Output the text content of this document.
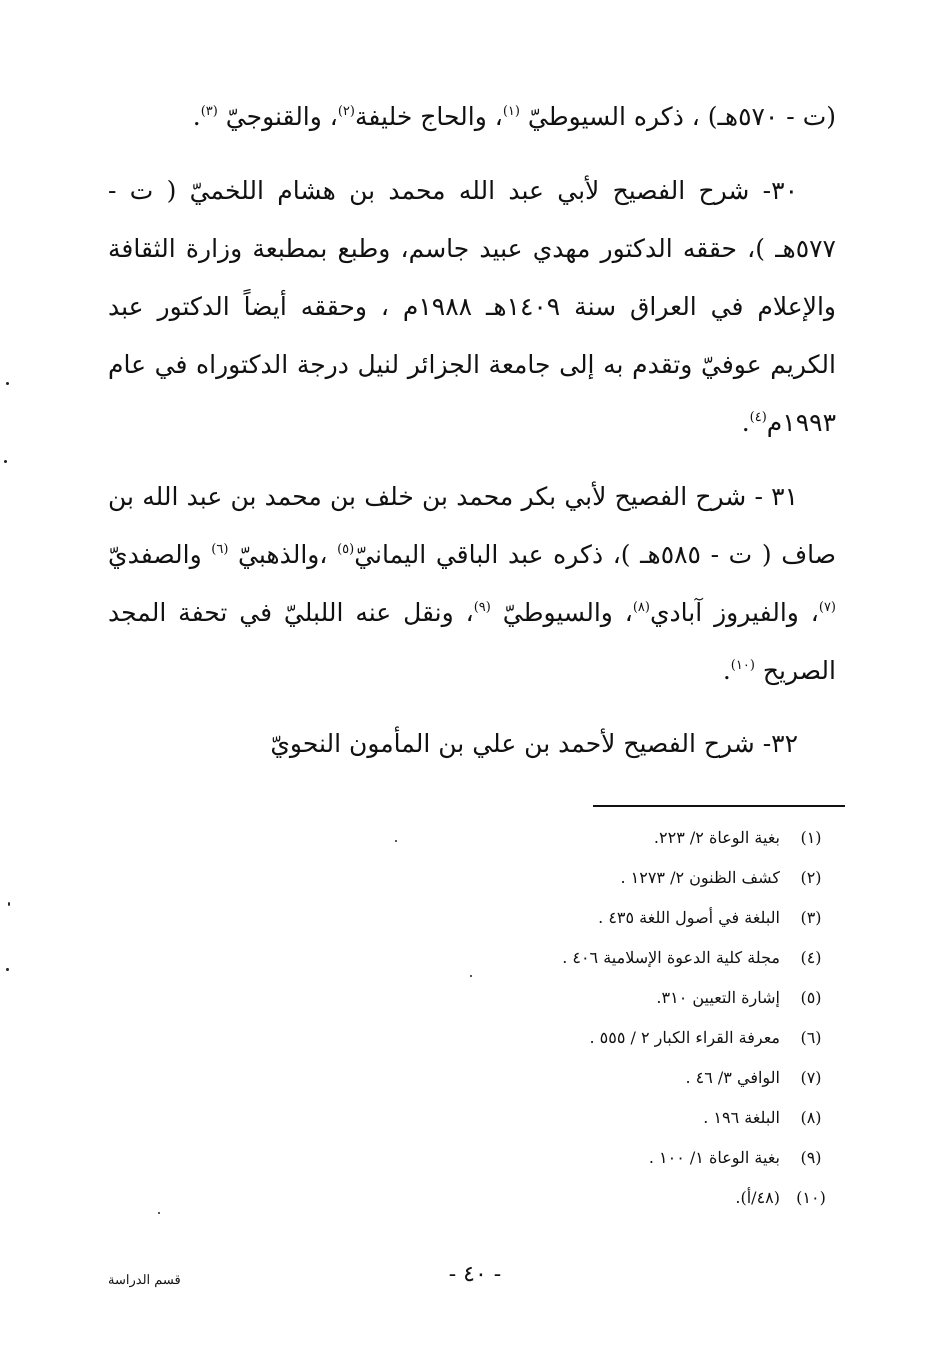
(ت - ٥٧٠هـ) ، ذكره السيوطيّ $^{(١)}$، والحاج خليفة$^{(٢)}$، والقنوجيّ $^{(٣)}$.

٣٠- شرح الفصيح لأبي عبد الله محمد بن هشام اللخميّ ( ت - ٥٧٧هـ )، حققه الدكتور مهدي عبيد جاسم، وطبع بمطبعة وزارة الثقافة والإعلام في العراق سنة ١٤٠٩هـ ١٩٨٨م ، وحققه أيضاً الدكتور عبد الكريم عوفيّ وتقدم به إلى جامعة الجزائر لنيل درجة الدكتوراه في عام ١٩٩٣م$^{(٤)}$.

٣١ - شرح الفصيح لأبي بكر محمد بن خلف بن محمد بن عبد الله بن صاف ( ت - ٥٨٥هـ )، ذكره عبد الباقي اليمانيّ$^{(٥)}$ ،والذهبيّ $^{(٦)}$ والصفديّ $^{(٧)}$، والفيروز آبادي$^{(٨)}$، والسيوطيّ $^{(٩)}$، ونقل عنه اللبليّ في تحفة المجد الصريح $^{(١٠)}$.

٣٢- شرح الفصيح لأحمد بن علي بن المأمون النحويّ

(١)
بغية الوعاة ٢/ ٢٢٣.
(٢)
كشف الظنون ٢/ ١٢٧٣ .
(٣)
البلغة في أصول اللغة ٤٣٥ .
(٤)
مجلة كلية الدعوة الإسلامية ٤٠٦ .
(٥)
إشارة التعيين ٣١٠.
(٦)
معرفة القراء الكبار ٢ / ٥٥٥ .
(٧)
الوافي ٣/ ٤٦ .
(٨)
البلغة ١٩٦ .
(٩)
بغية الوعاة ١/ ١٠٠ .
(١٠)
(٤٨/أ).
- ٤٠ -
قسم الدراسة
